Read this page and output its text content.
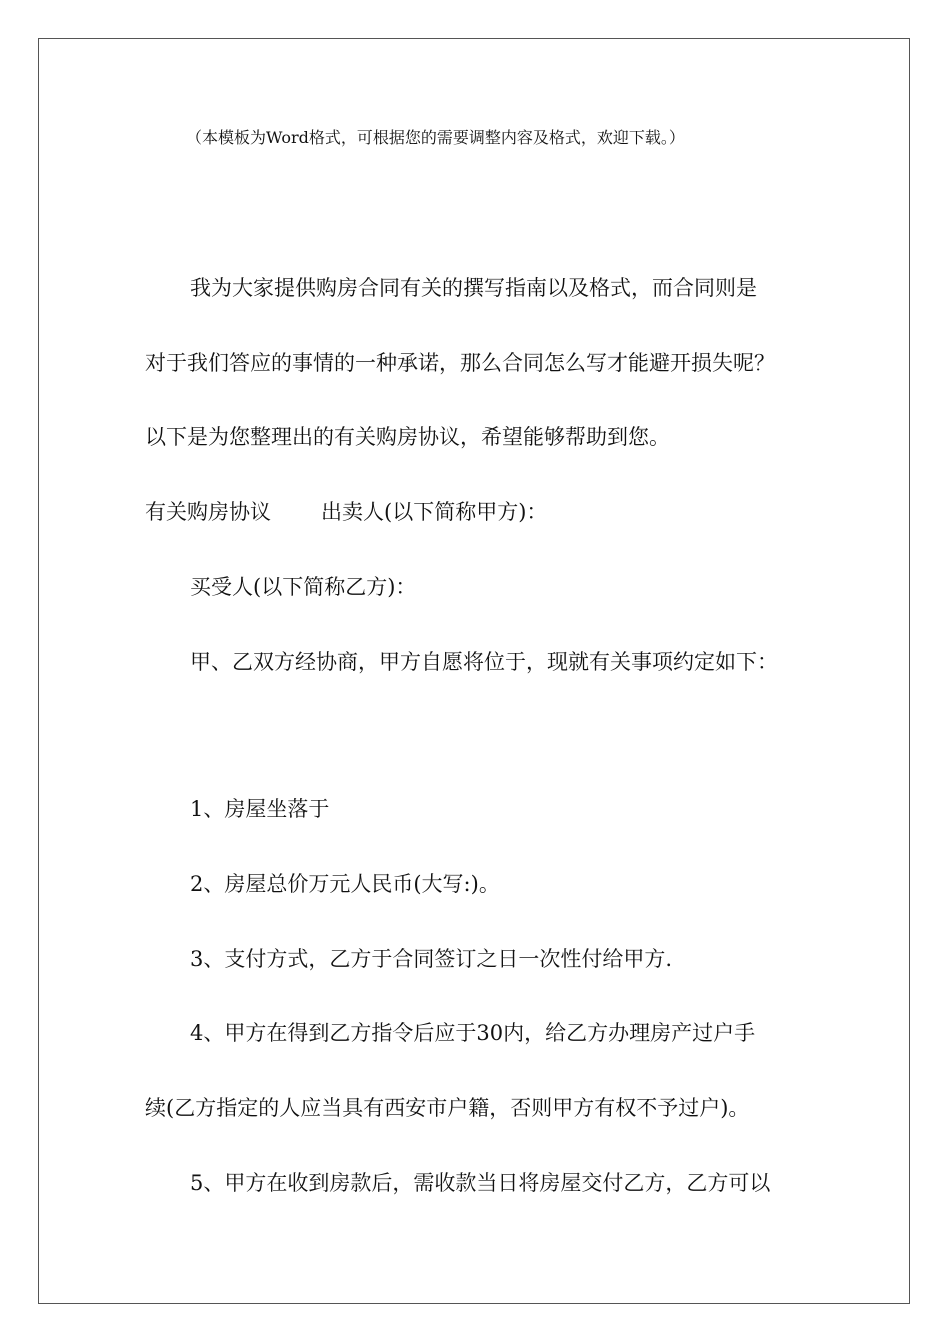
（本模板为Word格式，可根据您的需要调整内容及格式，欢迎下载。）
我为大家提供购房合同有关的撰写指南以及格式，而合同则是
对于我们答应的事情的一种承诺，那么合同怎么写才能避开损失呢？
以下是为您整理出的有关购房协议，希望能够帮助到您。
有关购房协议 出卖人(以下简称甲方)：
买受人(以下简称乙方)：
甲、乙双方经协商，甲方自愿将位于，现就有关事项约定如下：
1、房屋坐落于
2、房屋总价万元人民币(大写:)。
3、支付方式，乙方于合同签订之日一次性付给甲方.
4、甲方在得到乙方指令后应于30内，给乙方办理房产过户手
续(乙方指定的人应当具有西安市户籍，否则甲方有权不予过户)。
5、甲方在收到房款后，需收款当日将房屋交付乙方，乙方可以
